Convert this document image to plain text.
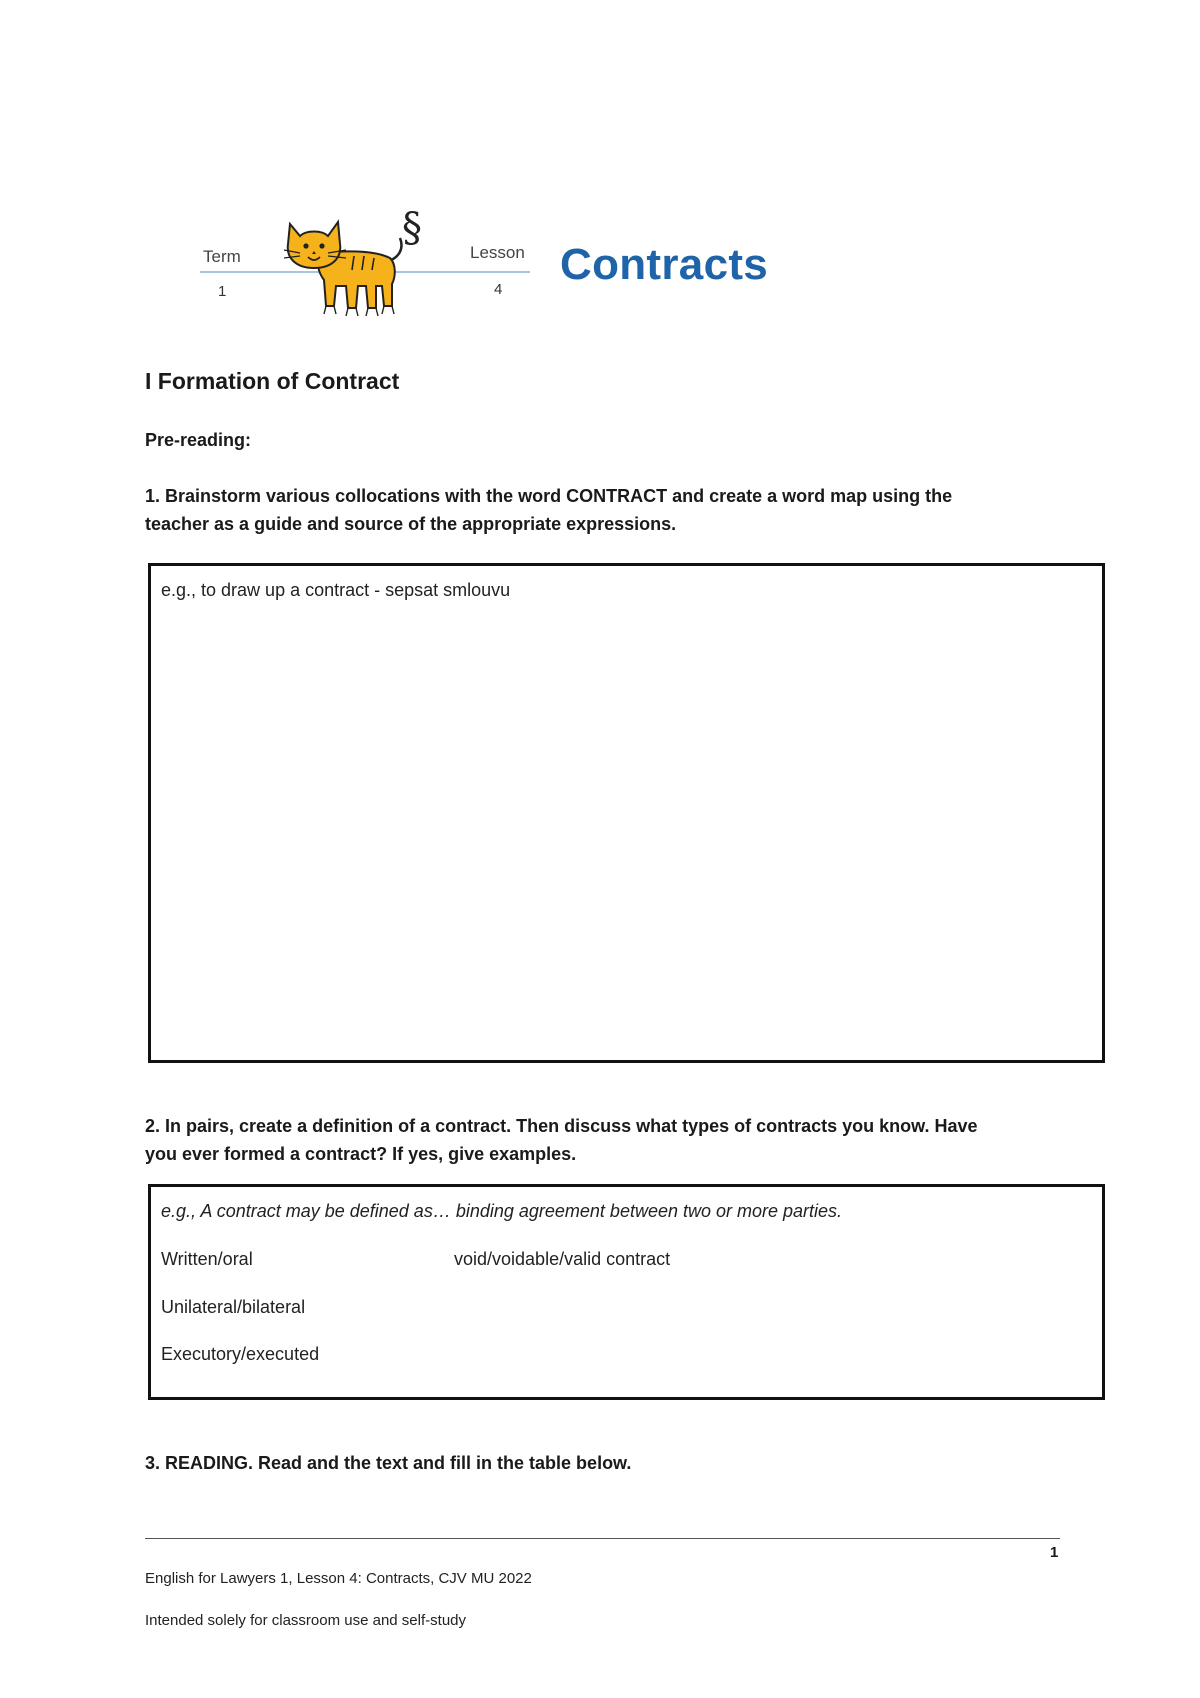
Term
1
Lesson
4
§
Contracts
I Formation of Contract
Pre-reading:
1. Brainstorm various collocations with the word CONTRACT and create a word map using the
teacher as a guide and source of the appropriate expressions.
e.g., to draw up a contract - sepsat smlouvu
2. In pairs, create a definition of a contract. Then discuss what types of contracts you know. Have
you ever formed a contract? If yes, give examples.
e.g., A contract may be defined as… binding agreement between two or more parties.
Written/oral	void/voidable/valid contract
Unilateral/bilateral
Executory/executed
3. READING. Read and the text and fill in the table below.
1
English for Lawyers 1, Lesson 4: Contracts, CJV MU 2022
Intended solely for classroom use and self-study
